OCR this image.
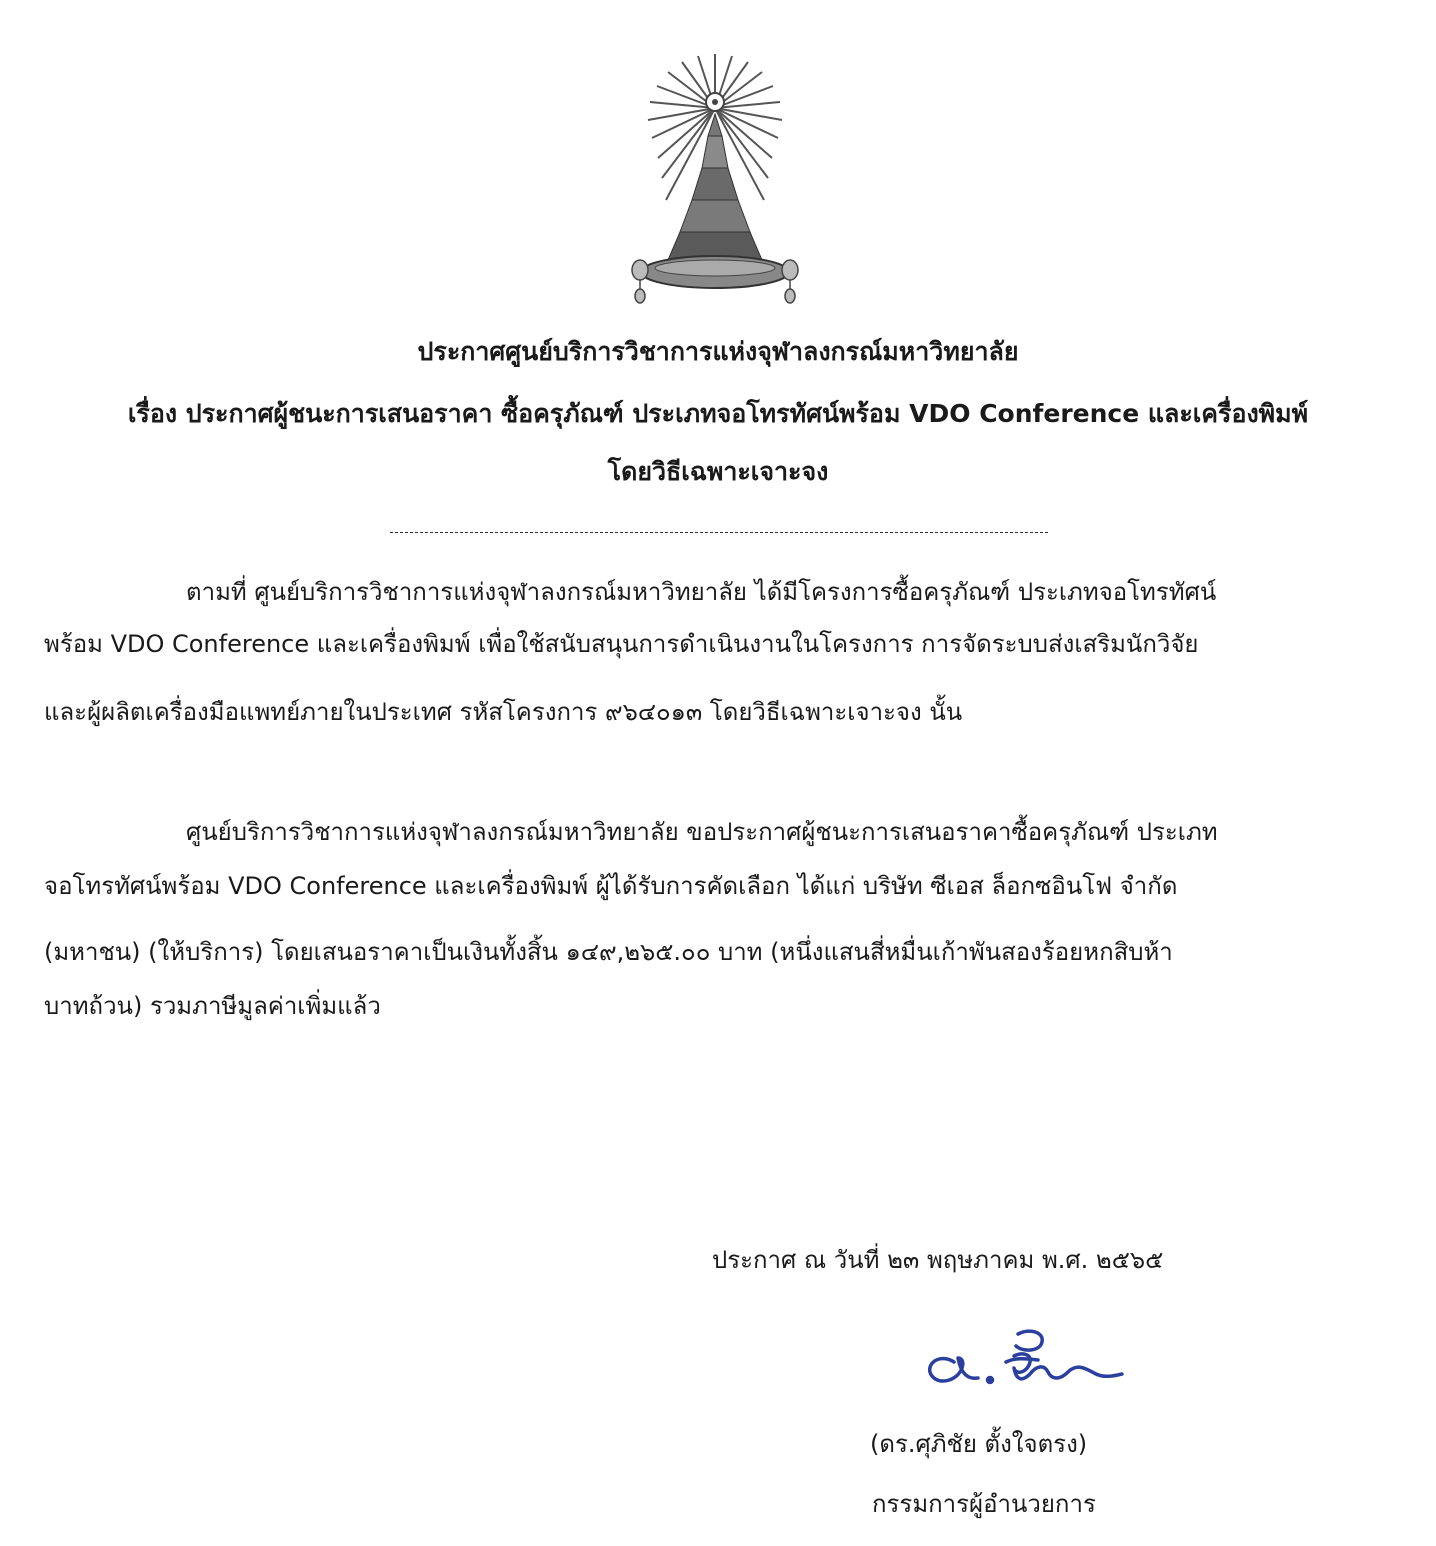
ประกาศศูนย์บริการวิชาการแห่งจุฬาลงกรณ์มหาวิทยาลัย
เรื่อง ประกาศผู้ชนะการเสนอราคา ซื้อครุภัณฑ์ ประเภทจอโทรทัศน์พร้อม VDO Conference และเครื่องพิมพ์
โดยวิธีเฉพาะเจาะจง
ตามที่ ศูนย์บริการวิชาการแห่งจุฬาลงกรณ์มหาวิทยาลัย ได้มีโครงการซื้อครุภัณฑ์ ประเภทจอโทรทัศน์
พร้อม VDO Conference และเครื่องพิมพ์ เพื่อใช้สนับสนุนการดำเนินงานในโครงการ การจัดระบบส่งเสริมนักวิจัย
และผู้ผลิตเครื่องมือแพทย์ภายในประเทศ รหัสโครงการ ๙๖๔๐๑๓ โดยวิธีเฉพาะเจาะจง นั้น
ศูนย์บริการวิชาการแห่งจุฬาลงกรณ์มหาวิทยาลัย ขอประกาศผู้ชนะการเสนอราคาซื้อครุภัณฑ์ ประเภท
จอโทรทัศน์พร้อม VDO Conference และเครื่องพิมพ์ ผู้ได้รับการคัดเลือก ได้แก่ บริษัท ซีเอส ล็อกซอินโฟ จำกัด
(มหาชน) (ให้บริการ) โดยเสนอราคาเป็นเงินทั้งสิ้น ๑๔๙,๒๖๕.๐๐ บาท (หนึ่งแสนสี่หมื่นเก้าพันสองร้อยหกสิบห้า
บาทถ้วน) รวมภาษีมูลค่าเพิ่มแล้ว
ประกาศ ณ วันที่ ๒๓ พฤษภาคม พ.ศ. ๒๕๖๕
(ดร.ศุภิชัย ตั้งใจตรง)
กรรมการผู้อำนวยการ
